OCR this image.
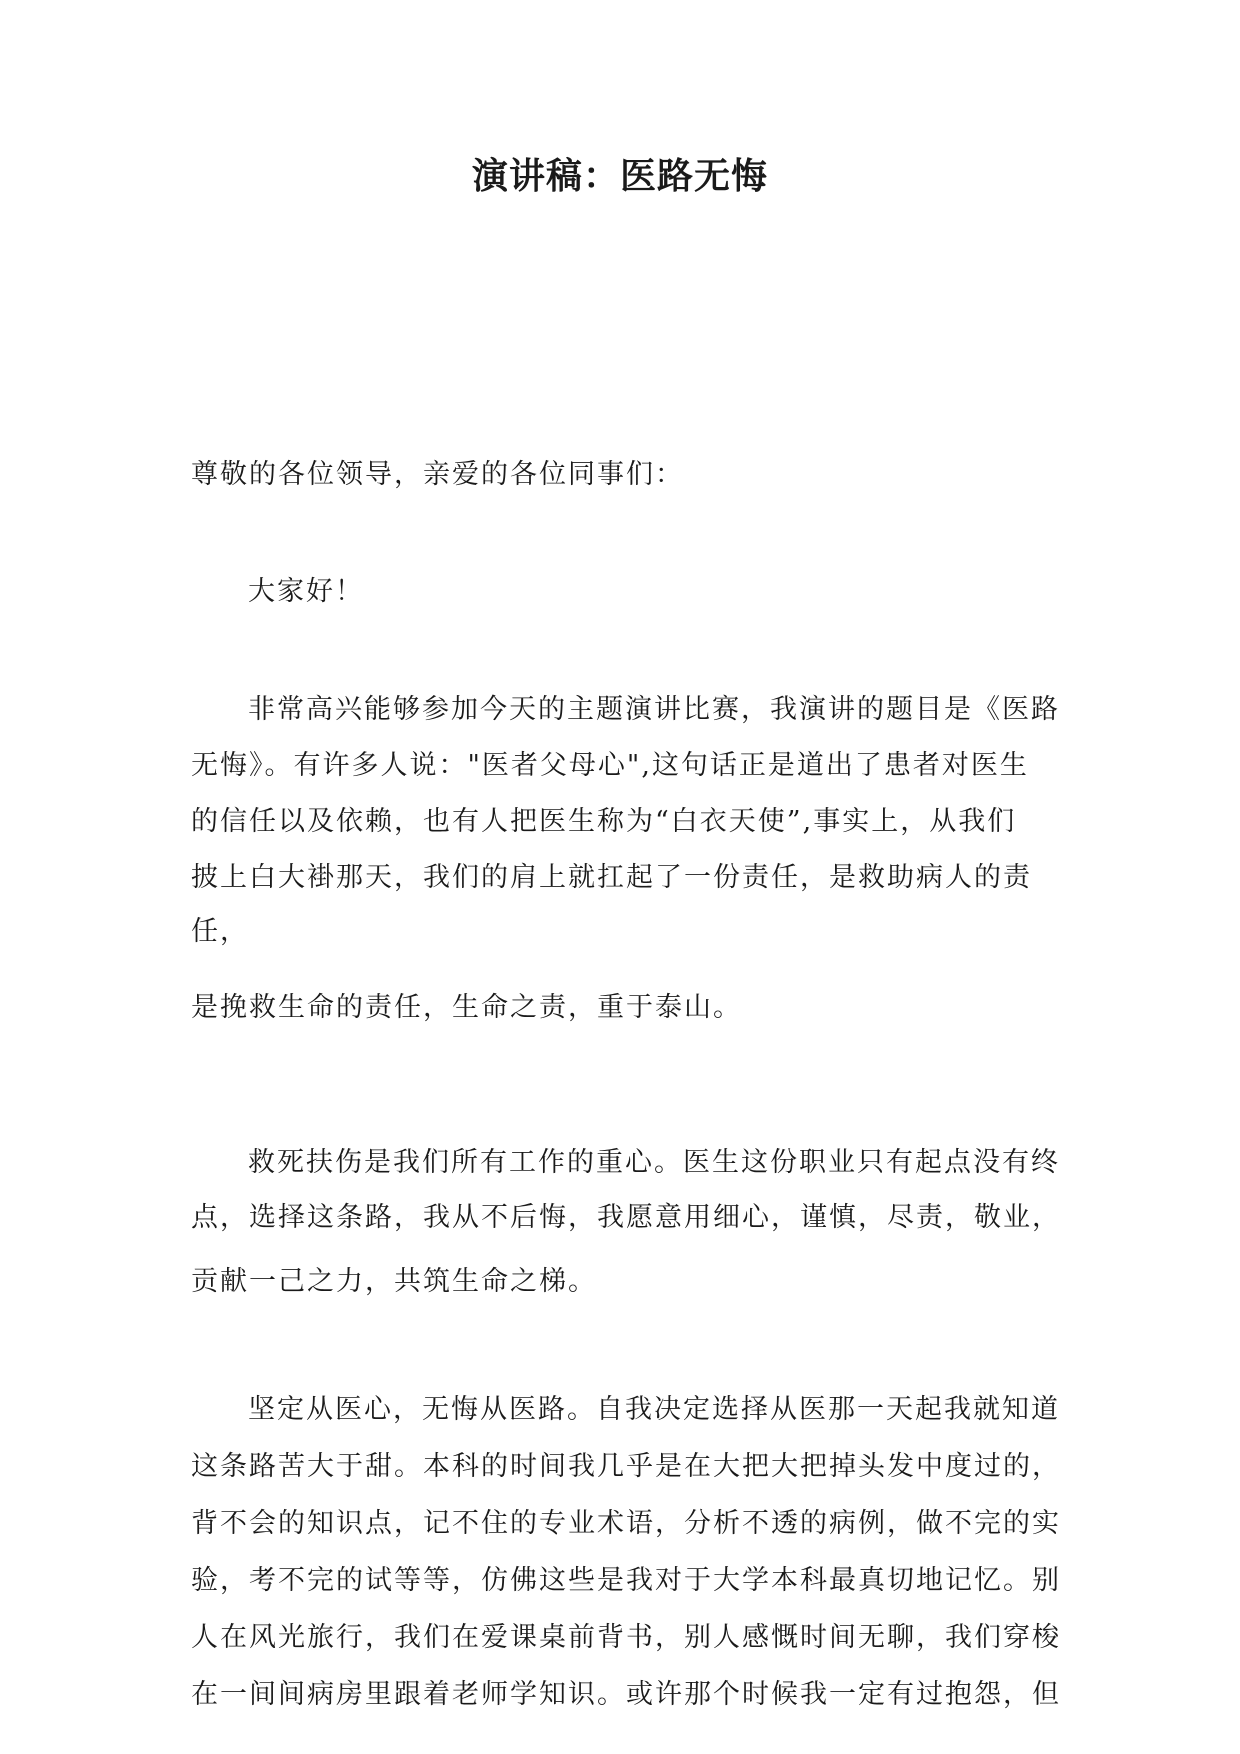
演讲稿：医路无悔
尊敬的各位领导，亲爱的各位同事们：
大家好！
非常高兴能够参加今天的主题演讲比赛，我演讲的题目是《医路
无悔》。有许多人说："医者父母心",这句话正是道出了患者对医生
的信任以及依赖，也有人把医生称为“白衣天使”,事实上，从我们
披上白大褂那天，我们的肩上就扛起了一份责任，是救助病人的责
任，
是挽救生命的责任，生命之责，重于泰山。
救死扶伤是我们所有工作的重心。医生这份职业只有起点没有终
点，选择这条路，我从不后悔，我愿意用细心，谨慎，尽责，敬业，
贡献一己之力，共筑生命之梯。
坚定从医心，无悔从医路。自我决定选择从医那一天起我就知道
这条路苦大于甜。本科的时间我几乎是在大把大把掉头发中度过的，
背不会的知识点，记不住的专业术语，分析不透的病例，做不完的实
验，考不完的试等等，仿佛这些是我对于大学本科最真切地记忆。别
人在风光旅行，我们在爱课桌前背书，别人感慨时间无聊，我们穿梭
在一间间病房里跟着老师学知识。或许那个时候我一定有过抱怨，但
